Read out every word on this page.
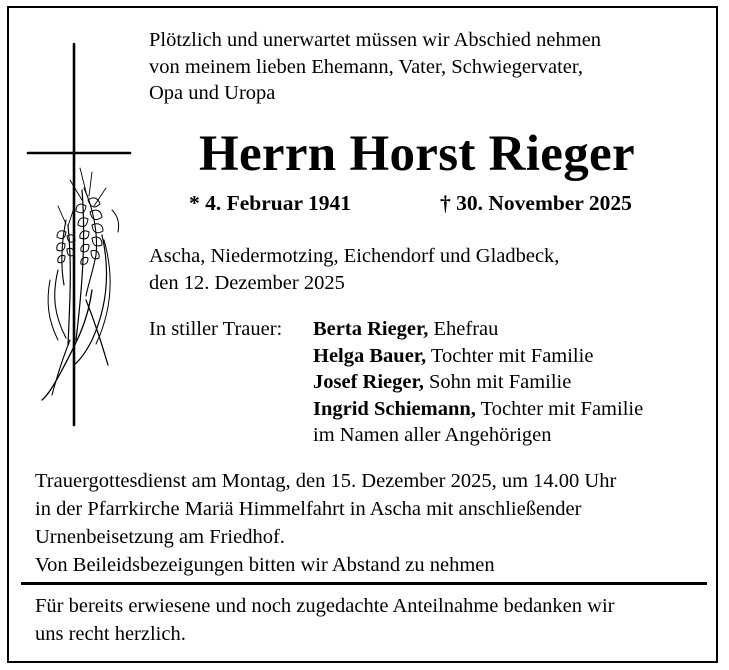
Plötzlich und unerwartet müssen wir Abschied nehmen
von meinem lieben Ehemann, Vater, Schwiegervater,
Opa und Uropa
Herrn Horst Rieger
* 4. Februar 1941	† 30. November 2025
Ascha, Niedermotzing, Eichendorf und Gladbeck,
den 12. Dezember 2025
In stiller Trauer: Berta Rieger, Ehefrau
Helga Bauer, Tochter mit Familie
Josef Rieger, Sohn mit Familie
Ingrid Schiemann, Tochter mit Familie
im Namen aller Angehörigen
Trauergottesdienst am Montag, den 15. Dezember 2025, um 14.00 Uhr
in der Pfarrkirche Mariä Himmelfahrt in Ascha mit anschließender
Urnenbeisetzung am Friedhof.
Von Beileidsbezeigungen bitten wir Abstand zu nehmen
Für bereits erwiesene und noch zugedachte Anteilnahme bedanken wir
uns recht herzlich.
